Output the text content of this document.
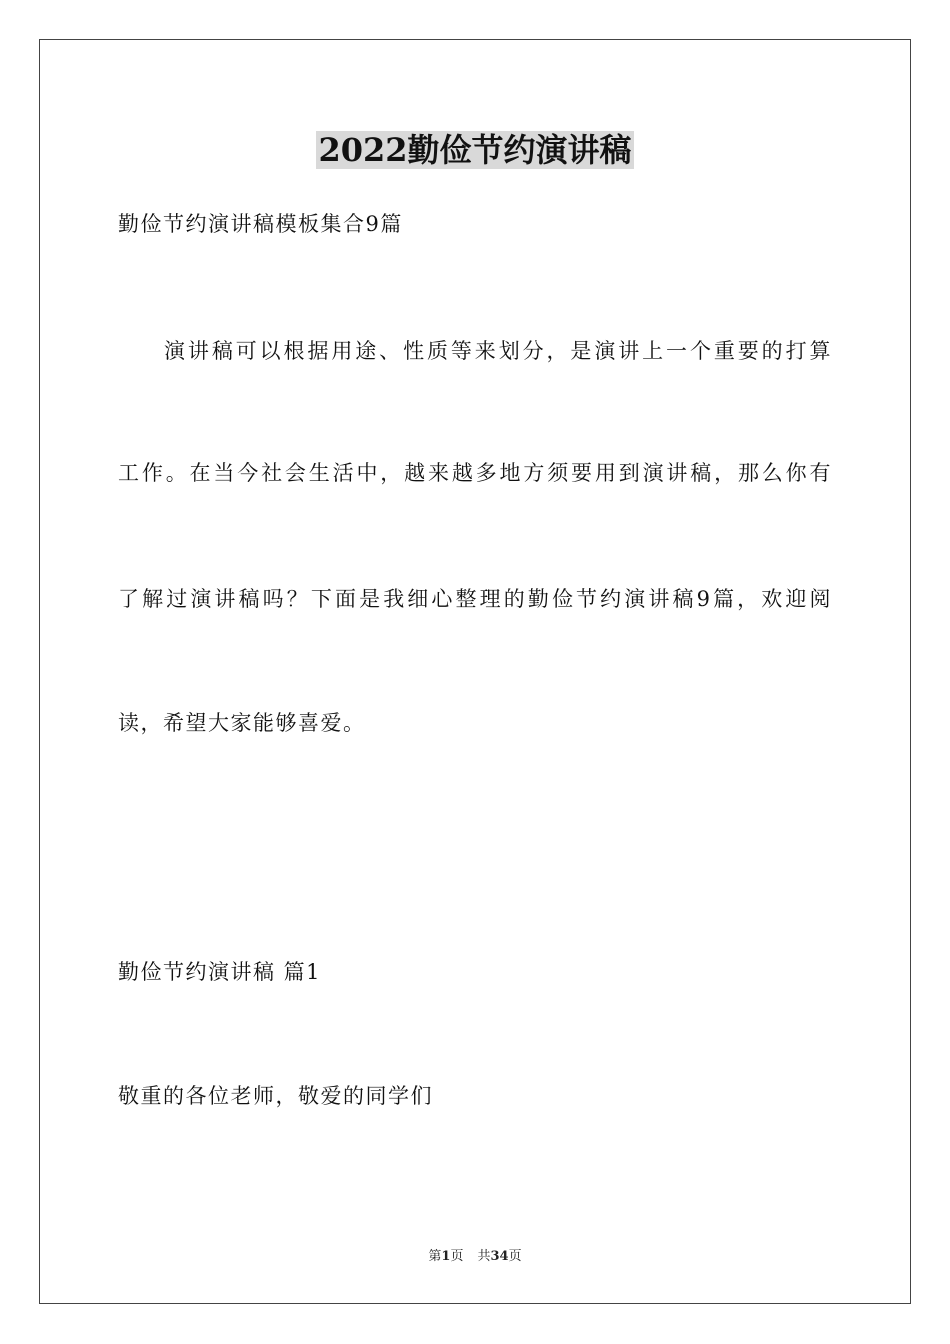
2022勤俭节约演讲稿
勤俭节约演讲稿模板集合9篇
演讲稿可以根据用途、性质等来划分，是演讲上一个重要的打算
工作。在当今社会生活中，越来越多地方须要用到演讲稿，那么你有
了解过演讲稿吗？下面是我细心整理的勤俭节约演讲稿9篇，欢迎阅
读，希望大家能够喜爱。
勤俭节约演讲稿 篇1
敬重的各位老师，敬爱的同学们
第1页 共34页
